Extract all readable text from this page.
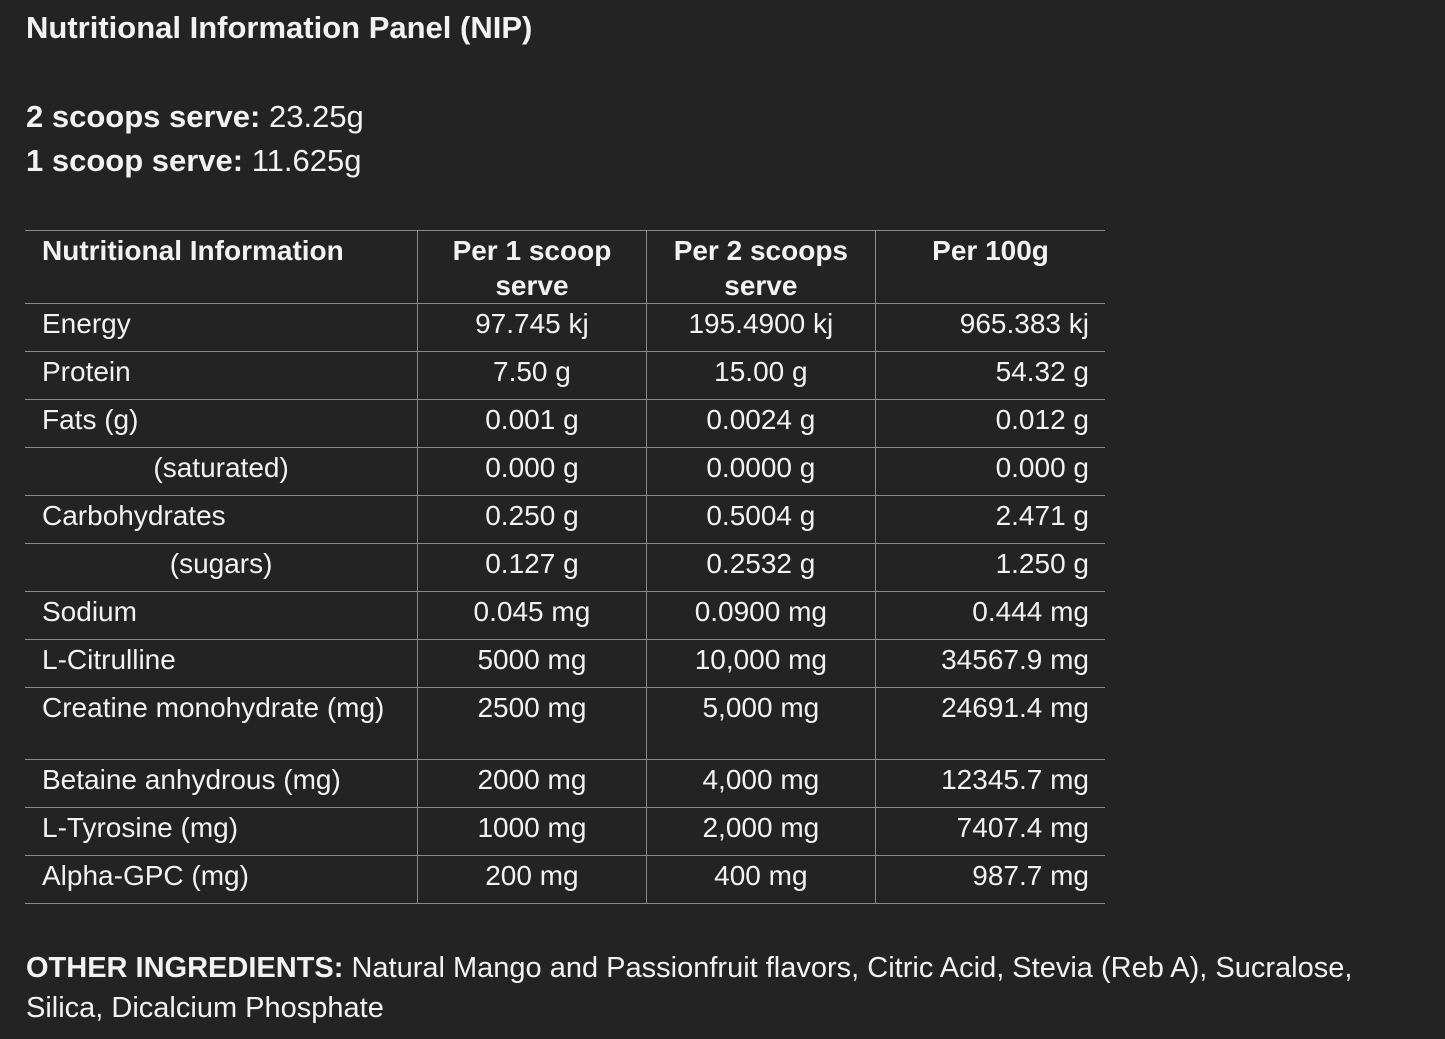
Nutritional Information Panel (NIP)
2 scoops serve: 23.25g
1 scoop serve: 11.625g
Nutritional Information	Per 1 scoop serve	Per 2 scoops serve	Per 100g
Energy	97.745 kj	195.4900 kj	965.383 kj
Protein	7.50 g	15.00 g	54.32 g
Fats (g)	0.001 g	0.0024 g	0.012 g
(saturated)	0.000 g	0.0000 g	0.000 g
Carbohydrates	0.250 g	0.5004 g	2.471 g
(sugars)	0.127 g	0.2532 g	1.250 g
Sodium	0.045 mg	0.0900 mg	0.444 mg
L-Citrulline	5000 mg	10,000 mg	34567.9 mg
Creatine monohydrate (mg)	2500 mg	5,000 mg	24691.4 mg
Betaine anhydrous (mg)	2000 mg	4,000 mg	12345.7 mg
L-Tyrosine (mg)	1000 mg	2,000 mg	7407.4 mg
Alpha-GPC (mg)	200 mg	400 mg	987.7 mg
OTHER INGREDIENTS: Natural Mango and Passionfruit flavors, Citric Acid, Stevia (Reb A), Sucralose, Silica, Dicalcium Phosphate
